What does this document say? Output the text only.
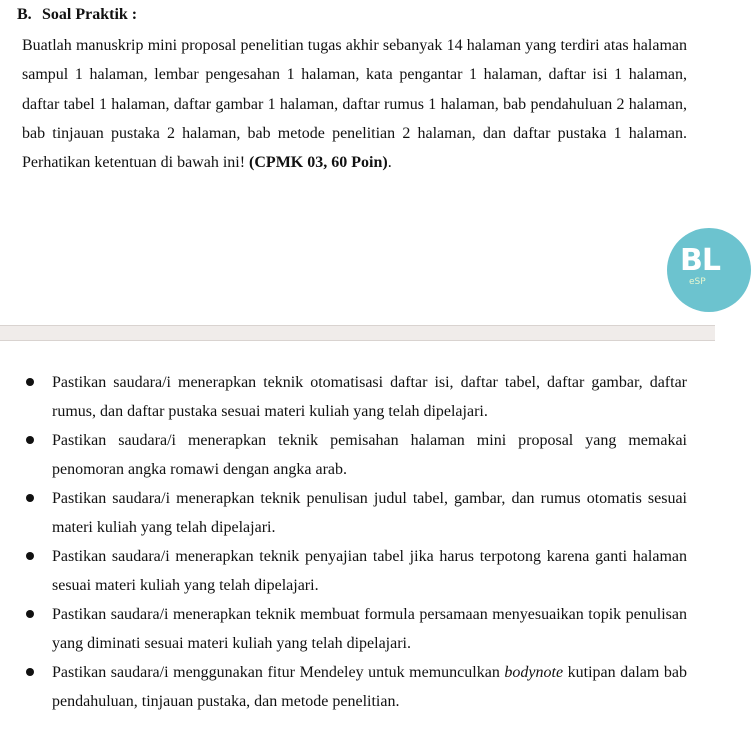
B. Soal Praktik :

Buatlah manuskrip mini proposal penelitian tugas akhir sebanyak 14 halaman yang terdiri atas halaman sampul 1 halaman, lembar pengesahan 1 halaman, kata pengantar 1 halaman, daftar isi 1 halaman, daftar tabel 1 halaman, daftar gambar 1 halaman, daftar rumus 1 halaman, bab pendahuluan 2 halaman, bab tinjauan pustaka 2 halaman, bab metode penelitian 2 halaman, dan daftar pustaka 1 halaman. Perhatikan ketentuan di bawah ini! (CPMK 03, 60 Poin).

BL
eSP
Pastikan saudara/i menerapkan teknik otomatisasi daftar isi, daftar tabel, daftar gambar, daftar rumus, dan daftar pustaka sesuai materi kuliah yang telah dipelajari.
Pastikan saudara/i menerapkan teknik pemisahan halaman mini proposal yang memakai penomoran angka romawi dengan angka arab.
Pastikan saudara/i menerapkan teknik penulisan judul tabel, gambar, dan rumus otomatis sesuai materi kuliah yang telah dipelajari.
Pastikan saudara/i menerapkan teknik penyajian tabel jika harus terpotong karena ganti halaman sesuai materi kuliah yang telah dipelajari.
Pastikan saudara/i menerapkan teknik membuat formula persamaan menyesuaikan topik penulisan yang diminati sesuai materi kuliah yang telah dipelajari.
Pastikan saudara/i menggunakan fitur Mendeley untuk memunculkan bodynote kutipan dalam bab pendahuluan, tinjauan pustaka, dan metode penelitian.
